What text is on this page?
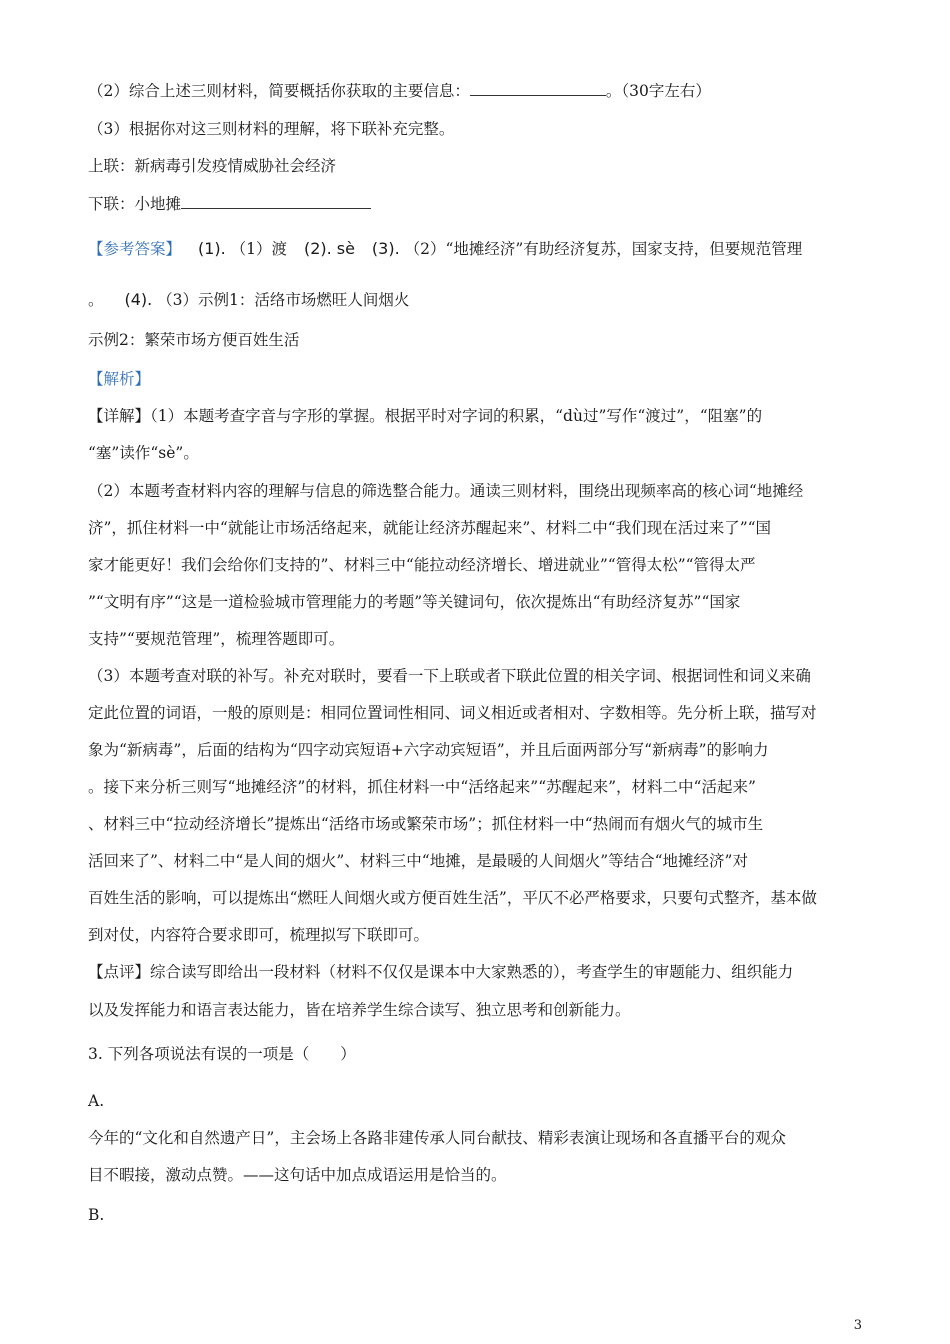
（2）综合上述三则材料，简要概括你获取的主要信息：	。（30字左右）
（3）根据你对这三则材料的理解，将下联补充完整。
上联：新病毒引发疫情威胁社会经济
下联：小地摊
【参考答案】 (1). （1）渡 (2). sè (3). （2）“地摊经济”有助经济复苏，国家支持，但要规范管理
。 (4). （3）示例1：活络市场燃旺人间烟火
示例2：繁荣市场方便百姓生活
【解析】
【详解】（1）本题考查字音与字形的掌握。根据平时对字词的积累，“dù过”写作“渡过”，“阻塞”的
“塞”读作“sè”。
（2）本题考查材料内容的理解与信息的筛选整合能力。通读三则材料，围绕出现频率高的核心词“地摊经
济”，抓住材料一中“就能让市场活络起来，就能让经济苏醒起来”、材料二中“我们现在活过来了”“国
家才能更好！我们会给你们支持的”、材料三中“能拉动经济增长、增进就业”“管得太松”“管得太严
”“文明有序”“这是一道检验城市管理能力的考题”等关键词句，依次提炼出“有助经济复苏”“国家
支持”“要规范管理”，梳理答题即可。
（3）本题考查对联的补写。补充对联时，要看一下上联或者下联此位置的相关字词、根据词性和词义来确
定此位置的词语，一般的原则是：相同位置词性相同、词义相近或者相对、字数相等。先分析上联，描写对
象为“新病毒”，后面的结构为“四字动宾短语+六字动宾短语”，并且后面两部分写“新病毒”的影响力
。接下来分析三则写“地摊经济”的材料，抓住材料一中“活络起来”“苏醒起来”，材料二中“活起来”
、材料三中“拉动经济增长”提炼出“活络市场或繁荣市场”；抓住材料一中“热闹而有烟火气的城市生
活回来了”、材料二中“是人间的烟火”、材料三中“地摊，是最暖的人间烟火”等结合“地摊经济”对
百姓生活的影响，可以提炼出“燃旺人间烟火或方便百姓生活”，平仄不必严格要求，只要句式整齐，基本做
到对仗，内容符合要求即可，梳理拟写下联即可。
【点评】综合读写即给出一段材料（材料不仅仅是课本中大家熟悉的），考查学生的审题能力、组织能力
以及发挥能力和语言表达能力，皆在培养学生综合读写、独立思考和创新能力。
3. 下列各项说法有误的一项是（　　）
A.
今年的“文化和自然遗产日”，主会场上各路非建传承人同台献技、精彩表演让现场和各直播平台的观众
目不暇接，激动点赞。——这句话中加点成语运用是恰当的。
B.
3
